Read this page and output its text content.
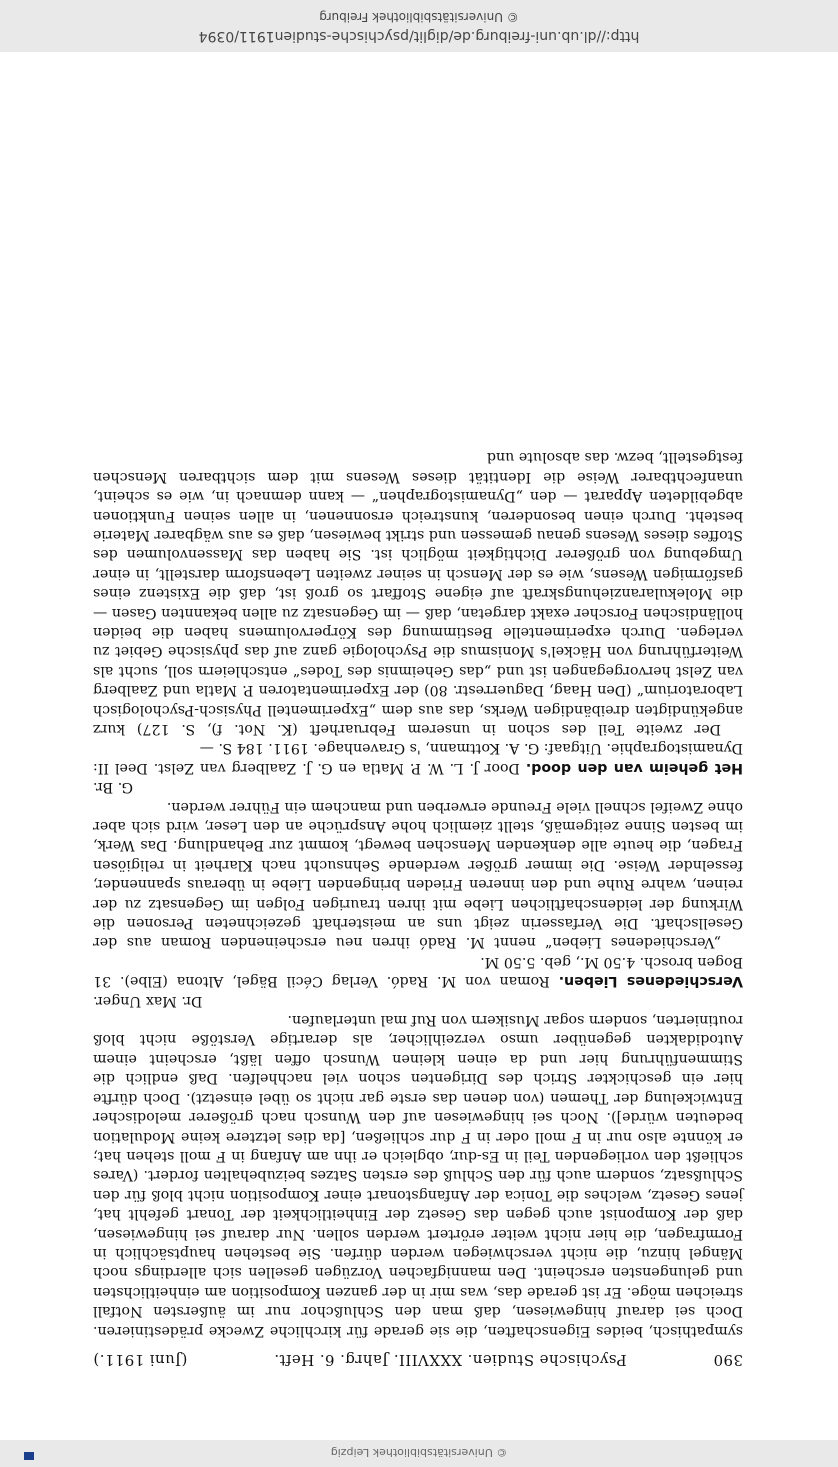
390
Psychische Studien. XXXVIII. Jahrg. 6. Heft.
(Juni 1911.)

sympathisch, beides Eigenschaften, die sie gerade für kirchliche Zwecke prädestinieren. Doch sei darauf hingewiesen, daß man den Schlußchor nur im äußersten Notfall streichen möge. Er ist gerade das, was mir in der ganzen Komposition am einheitlichsten und gelungensten erscheint. Den mannigfachen Vorzügen gesellen sich allerdings noch Mängel hinzu, die nicht verschwiegen werden dürfen. Sie bestehen hauptsächlich in Formfragen, die hier nicht weiter erörtert werden sollen. Nur darauf sei hingewiesen, daß der Komponist auch gegen das Gesetz der Einheitlichkeit der Tonart gefehlt hat, jenes Gesetz, welches die Tonica der Anfangstonart einer Komposition nicht bloß für den Schlußsatz, sondern auch für den Schluß des ersten Satzes beizubehalten fordert. (Vares schließt den vorliegenden Teil in Es-dur, obgleich er ihn am Anfang in F moll stehen hat; er könnte also nur in F moll oder in F dur schließen, [da dies letztere keine Modulation bedeuten würde]). Noch sei hingewiesen auf den Wunsch nach größerer melodischer Entwickelung der Themen (von denen das erste gar nicht so übel einsetzt). Doch dürfte hier ein geschickter Strich des Dirigenten schon viel nachhelfen. Daß endlich die Stimmenführung hier und da einen kleinen Wunsch offen läßt, erscheint einem Autodidakten gegenüber umso verzeihlicher, als derartige Verstöße nicht bloß routinierten, sondern sogar Musikern von Ruf mal unterlaufen.
Dr. Max Unger.

Verschiedenes Lieben. Roman von M. Radó. Verlag Cécil Bägel, Altona (Elbe). 31 Bogen brosch. 4.50 M., geb. 5.50 M.

„Verschiedenes Lieben“ nennt M. Radó ihren neu erscheinenden Roman aus der Gesellschaft. Die Verfasserin zeigt uns an meisterhaft gezeichneten Personen die Wirkung der leidenschaftlichen Liebe mit ihren traurigen Folgen im Gegensatz zu der reinen, wahre Ruhe und den inneren Frieden bringenden Liebe in überaus spannender, fesselnder Weise. Die immer größer werdende Sehnsucht nach Klarheit in religiösen Fragen, die heute alle denkenden Menschen bewegt, kommt zur Behandlung. Das Werk, im besten Sinne zeitgemäß, stellt ziemlich hohe Ansprüche an den Leser, wird sich aber ohne Zweifel schnell viele Freunde erwerben und manchem ein Führer werden.
G. Br.

Het geheim van den dood. Door J. L. W. P. Matla en G. J. Zaalberg van Zelst. Deel II: Dynamistographie. Uitgaaf: G. A. Kottmann, 's Gravenhage. 1911. 184 S. —

Der zweite Teil des schon in unserem Februarheft (K. Not. f), S. 127) kurz angekündigten dreibändigen Werks, das aus dem „Experimentell Physisch-Psychologisch Laboratorium“ (Den Haag, Daguerrestr. 80) der Experimentatoren P. Matla und Zaalberg van Zelst hervorgegangen ist und „das Geheimnis des Todes“ entschleiern soll, sucht als Weiterführung von Häckel's Monismus die Psychologie ganz auf das physische Gebiet zu verlegen. Durch experimentelle Bestimmung des Körpervolumens haben die beiden holländischen Forscher exakt dargetan, daß — im Gegensatz zu allen bekannten Gasen — die Molekularanziehungskraft auf eigene Stoffart so groß ist, daß die Existenz eines gasförmigen Wesens, wie es der Mensch in seiner zweiten Lebensform darstellt, in einer Umgebung von größerer Dichtigkeit möglich ist. Sie haben das Massenvolumen des Stoffes dieses Wesens genau gemessen und strikt bewiesen, daß es aus wägbarer Materie besteht. Durch einen besonderen, kunstreich ersonnenen, in allen seinen Funktionen abgebildeten Apparat — den „Dynamistographen“ — kann demnach in, wie es scheint, unanfechtbarer Weise die Identität dieses Wesens mit dem sichtbaren Menschen festgestellt, bezw. das absolute und

http://dl.ub.uni-freiburg.de/diglit/psychische-studien1911/0394
© Universitätsbibliothek Freiburg
© Universitätsbibliothek Leipzig
